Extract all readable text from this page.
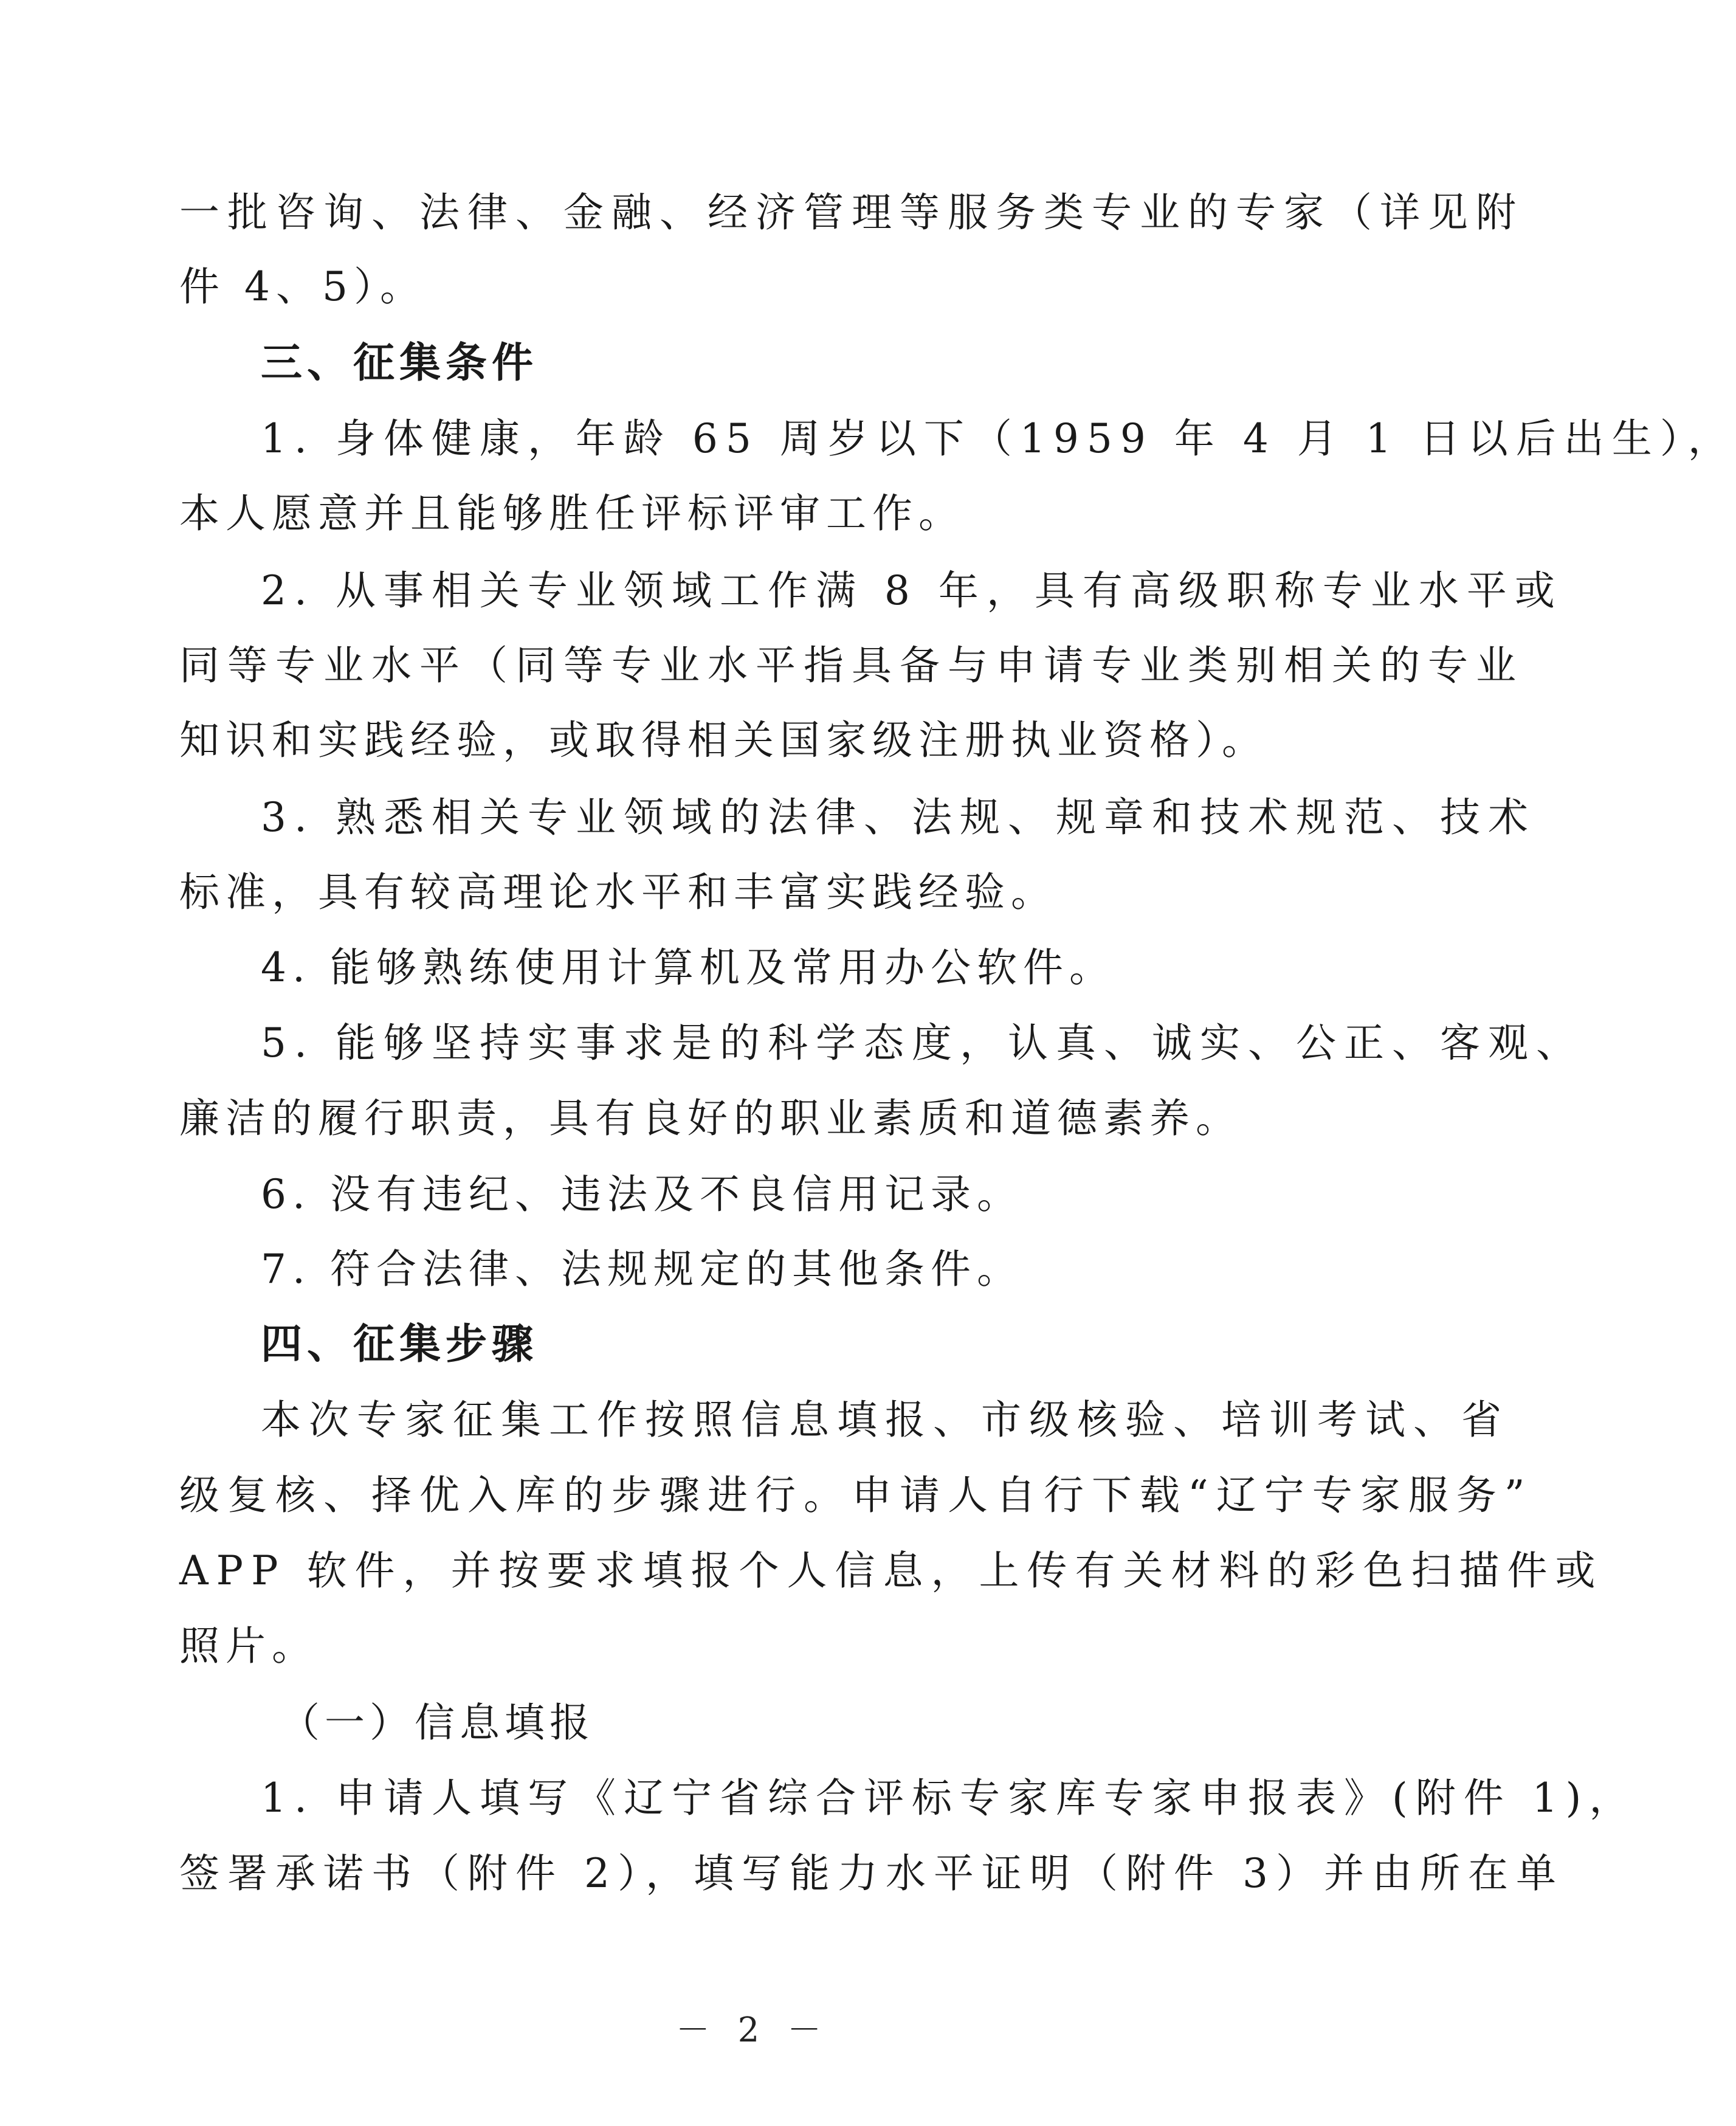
一批咨询、法律、金融、经济管理等服务类专业的专家（详见附
件 4、5）。
三、征集条件
1. 身体健康，年龄 65 周岁以下（1959 年 4 月 1 日以后出生），
本人愿意并且能够胜任评标评审工作。
2. 从事相关专业领域工作满 8 年，具有高级职称专业水平或
同等专业水平（同等专业水平指具备与申请专业类别相关的专业
知识和实践经验，或取得相关国家级注册执业资格）。
3. 熟悉相关专业领域的法律、法规、规章和技术规范、技术
标准，具有较高理论水平和丰富实践经验。
4. 能够熟练使用计算机及常用办公软件。
5. 能够坚持实事求是的科学态度，认真、诚实、公正、客观、
廉洁的履行职责，具有良好的职业素质和道德素养。
6. 没有违纪、违法及不良信用记录。
7. 符合法律、法规规定的其他条件。
四、征集步骤
本次专家征集工作按照信息填报、市级核验、培训考试、省
级复核、择优入库的步骤进行。申请人自行下载“辽宁专家服务”
APP 软件，并按要求填报个人信息，上传有关材料的彩色扫描件或
照片。
（一）信息填报
1. 申请人填写《辽宁省综合评标专家库专家申报表》(附件 1)，
签署承诺书（附件 2），填写能力水平证明（附件 3）并由所在单
－ 2 －
